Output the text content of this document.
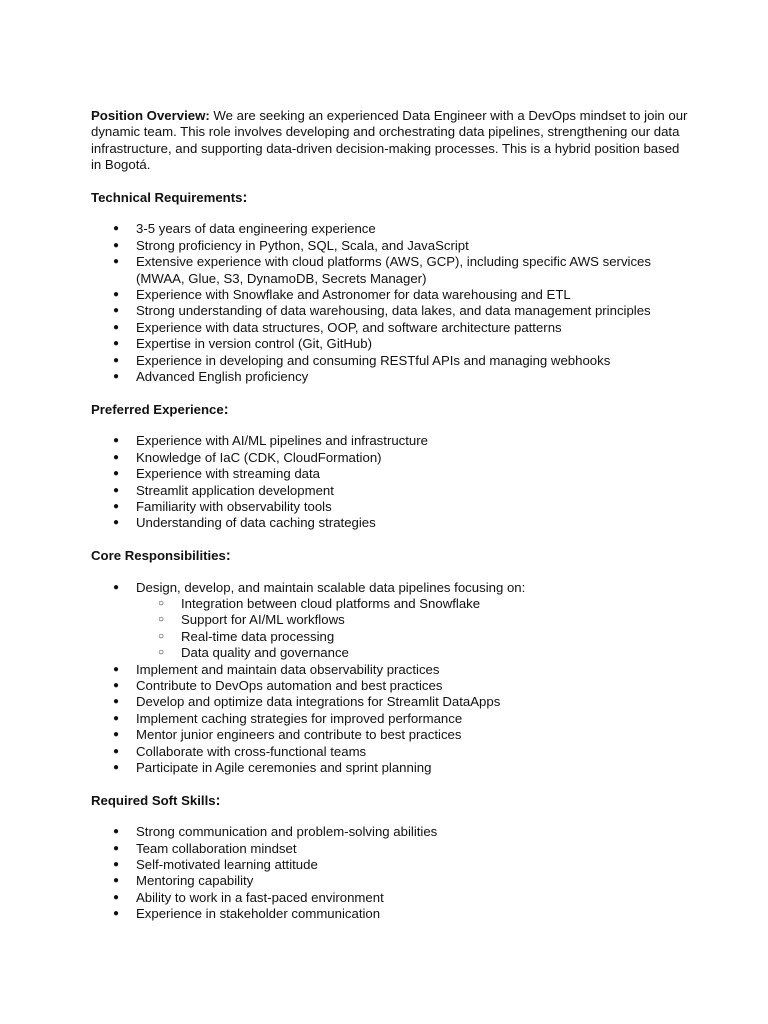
Position Overview: We are seeking an experienced Data Engineer with a DevOps mindset to join our dynamic team. This role involves developing and orchestrating data pipelines, strengthening our data infrastructure, and supporting data-driven decision-making processes. This is a hybrid position based in Bogotá.

Technical Requirements:

● 3-5 years of data engineering experience
● Strong proficiency in Python, SQL, Scala, and JavaScript
● Extensive experience with cloud platforms (AWS, GCP), including specific AWS services (MWAA, Glue, S3, DynamoDB, Secrets Manager)
● Experience with Snowflake and Astronomer for data warehousing and ETL
● Strong understanding of data warehousing, data lakes, and data management principles
● Experience with data structures, OOP, and software architecture patterns
● Expertise in version control (Git, GitHub)
● Experience in developing and consuming RESTful APIs and managing webhooks
● Advanced English proficiency

Preferred Experience:

● Experience with AI/ML pipelines and infrastructure
● Knowledge of IaC (CDK, CloudFormation)
● Experience with streaming data
● Streamlit application development
● Familiarity with observability tools
● Understanding of data caching strategies

Core Responsibilities:

● Design, develop, and maintain scalable data pipelines focusing on:
○ Integration between cloud platforms and Snowflake
○ Support for AI/ML workflows
○ Real-time data processing
○ Data quality and governance
● Implement and maintain data observability practices
● Contribute to DevOps automation and best practices
● Develop and optimize data integrations for Streamlit DataApps
● Implement caching strategies for improved performance
● Mentor junior engineers and contribute to best practices
● Collaborate with cross-functional teams
● Participate in Agile ceremonies and sprint planning

Required Soft Skills:

● Strong communication and problem-solving abilities
● Team collaboration mindset
● Self-motivated learning attitude
● Mentoring capability
● Ability to work in a fast-paced environment
● Experience in stakeholder communication
